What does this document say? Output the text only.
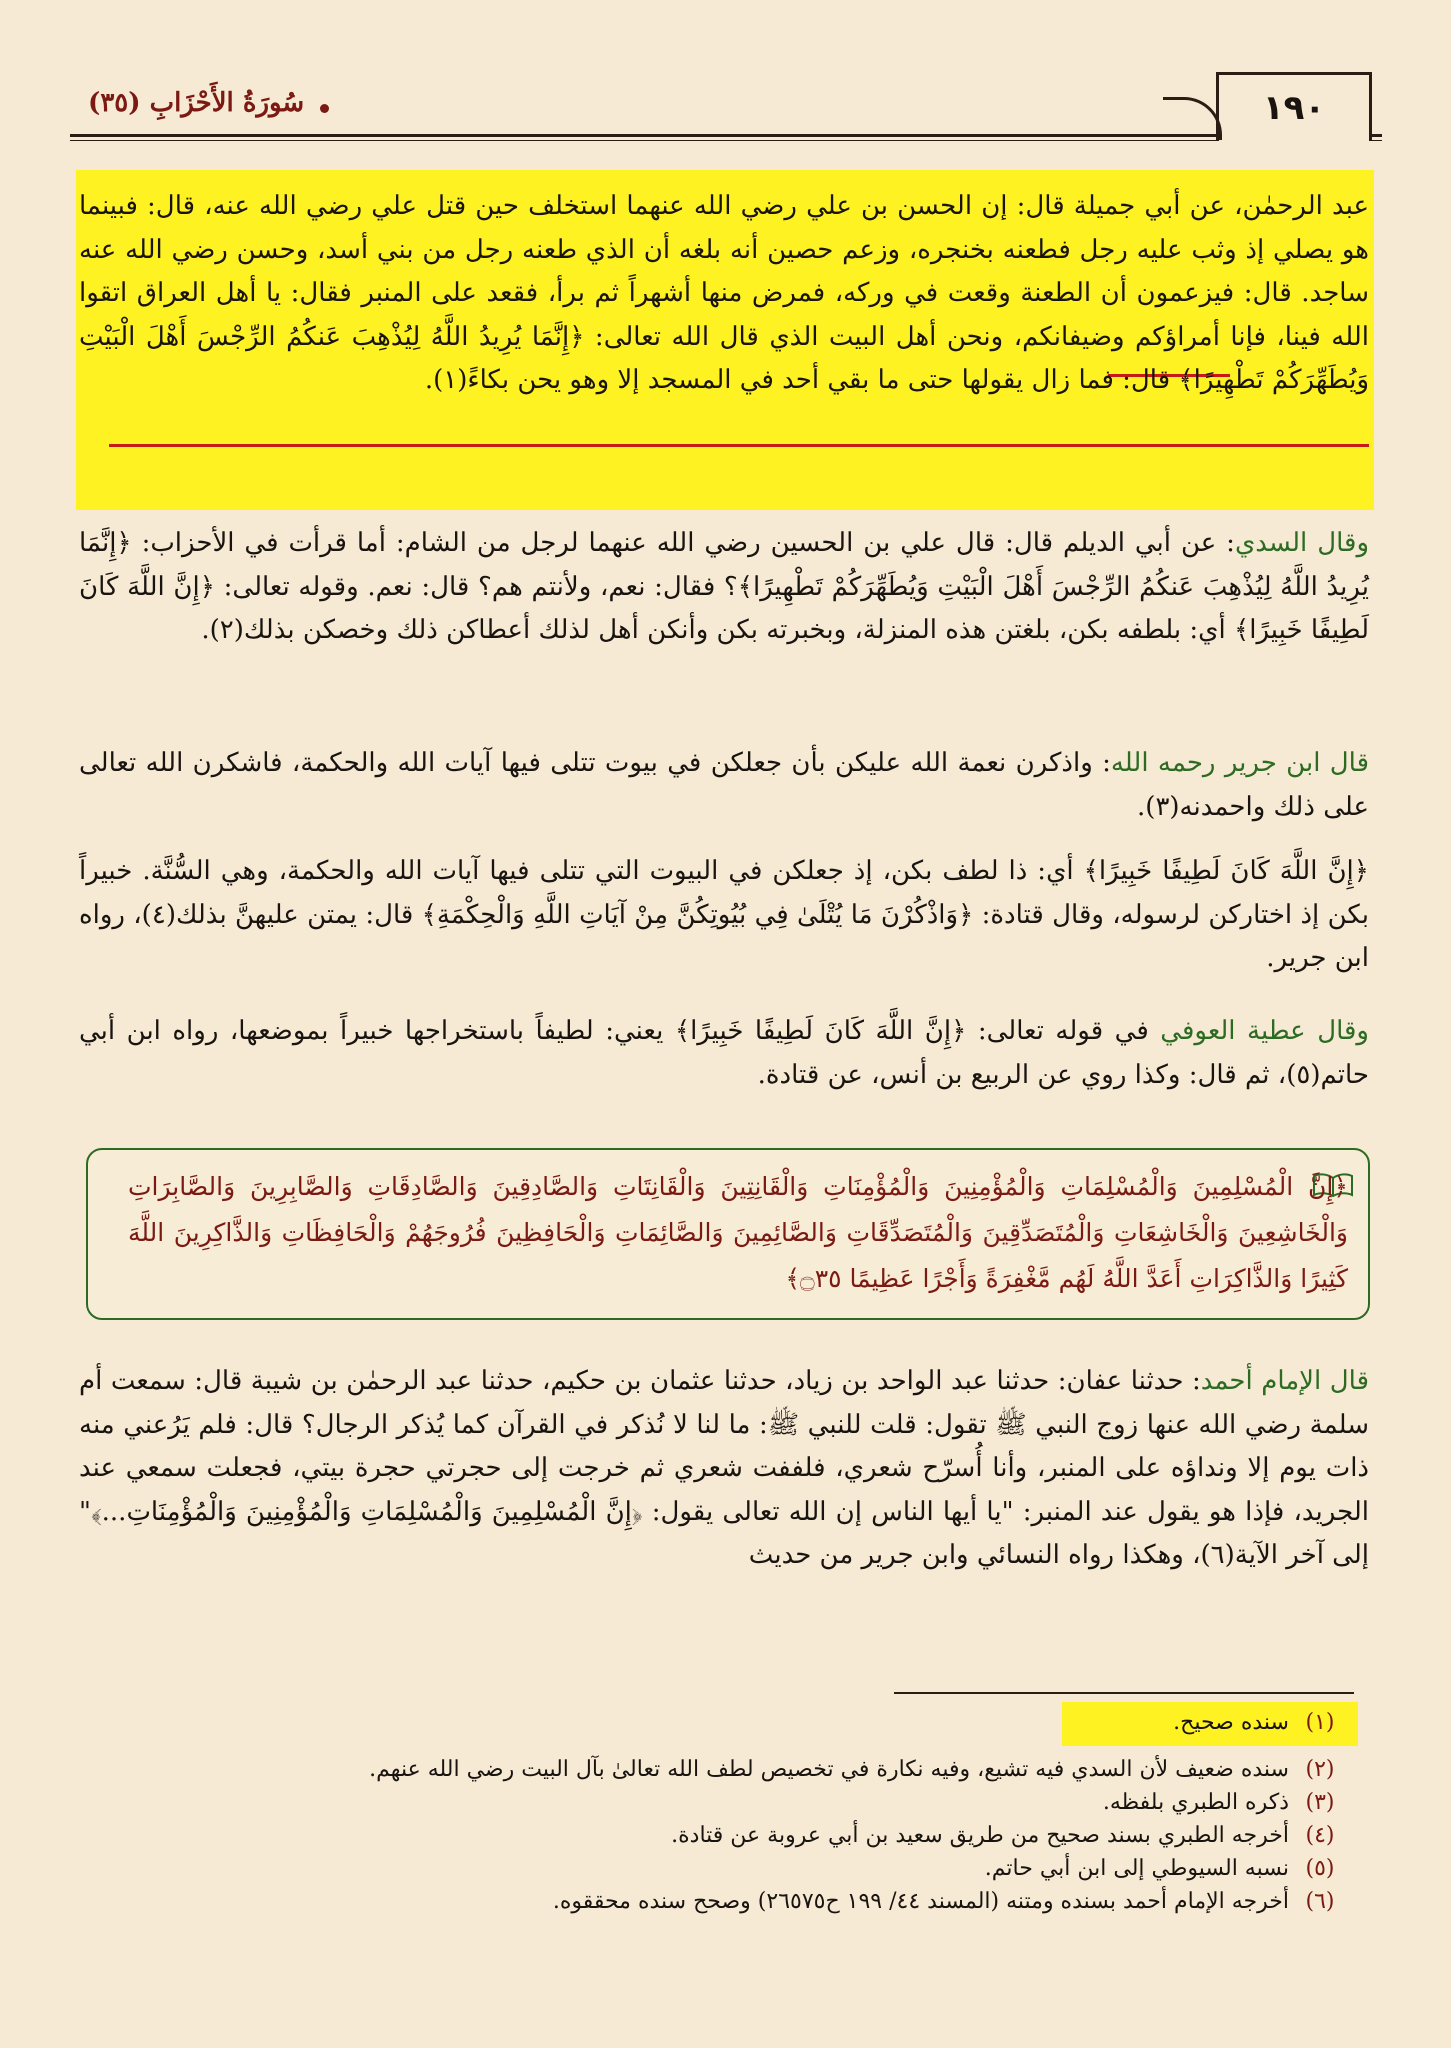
١٩٠
سُورَةُ الأَحْزَابِ (٣٥)
عبد الرحمٰن، عن أبي جميلة قال: إن الحسن بن علي رضي الله عنهما استخلف حين قتل علي رضي الله عنه، قال: فبينما هو يصلي إذ وثب عليه رجل فطعنه بخنجره، وزعم حصين أنه بلغه أن الذي طعنه رجل من بني أسد، وحسن رضي الله عنه ساجد. قال: فيزعمون أن الطعنة وقعت في وركه، فمرض منها أشهراً ثم برأ، فقعد على المنبر فقال: يا أهل العراق اتقوا الله فينا، فإنا أمراؤكم وضيفانكم، ونحن أهل البيت الذي قال الله تعالى: ﴿إِنَّمَا يُرِيدُ اللَّهُ لِيُذْهِبَ عَنكُمُ الرِّجْسَ أَهْلَ الْبَيْتِ وَيُطَهِّرَكُمْ تَطْهِيرًا﴾ قال: فما زال يقولها حتى ما بقي أحد في المسجد إلا وهو يحن بكاءً(١).
وقال السدي: عن أبي الديلم قال: قال علي بن الحسين رضي الله عنهما لرجل من الشام: أما قرأت في الأحزاب: ﴿إِنَّمَا يُرِيدُ اللَّهُ لِيُذْهِبَ عَنكُمُ الرِّجْسَ أَهْلَ الْبَيْتِ وَيُطَهِّرَكُمْ تَطْهِيرًا﴾؟ فقال: نعم، ولأنتم هم؟ قال: نعم. وقوله تعالى: ﴿إِنَّ اللَّهَ كَانَ لَطِيفًا خَبِيرًا﴾ أي: بلطفه بكن، بلغتن هذه المنزلة، وبخبرته بكن وأنكن أهل لذلك أعطاكن ذلك وخصكن بذلك(٢).
قال ابن جرير رحمه الله: واذكرن نعمة الله عليكن بأن جعلكن في بيوت تتلى فيها آيات الله والحكمة، فاشكرن الله تعالى على ذلك واحمدنه(٣).
﴿إِنَّ اللَّهَ كَانَ لَطِيفًا خَبِيرًا﴾ أي: ذا لطف بكن، إذ جعلكن في البيوت التي تتلى فيها آيات الله والحكمة، وهي السُّنَّة. خبيراً بكن إذ اختاركن لرسوله، وقال قتادة: ﴿وَاذْكُرْنَ مَا يُتْلَىٰ فِي بُيُوتِكُنَّ مِنْ آيَاتِ اللَّهِ وَالْحِكْمَةِ﴾ قال: يمتن عليهنَّ بذلك(٤)، رواه ابن جرير.
وقال عطية العوفي في قوله تعالى: ﴿إِنَّ اللَّهَ كَانَ لَطِيفًا خَبِيرًا﴾ يعني: لطيفاً باستخراجها خبيراً بموضعها، رواه ابن أبي حاتم(٥)، ثم قال: وكذا روي عن الربيع بن أنس، عن قتادة.
﴿إِنَّ الْمُسْلِمِينَ وَالْمُسْلِمَاتِ وَالْمُؤْمِنِينَ وَالْمُؤْمِنَاتِ وَالْقَانِتِينَ وَالْقَانِتَاتِ وَالصَّادِقِينَ وَالصَّادِقَاتِ وَالصَّابِرِينَ وَالصَّابِرَاتِ وَالْخَاشِعِينَ وَالْخَاشِعَاتِ وَالْمُتَصَدِّقِينَ وَالْمُتَصَدِّقَاتِ وَالصَّائِمِينَ وَالصَّائِمَاتِ وَالْحَافِظِينَ فُرُوجَهُمْ وَالْحَافِظَاتِ وَالذَّاكِرِينَ اللَّهَ كَثِيرًا وَالذَّاكِرَاتِ أَعَدَّ اللَّهُ لَهُم مَّغْفِرَةً وَأَجْرًا عَظِيمًا ۝٣٥﴾
قال الإمام أحمد: حدثنا عفان: حدثنا عبد الواحد بن زياد، حدثنا عثمان بن حكيم، حدثنا عبد الرحمٰن بن شيبة قال: سمعت أم سلمة رضي الله عنها زوج النبي ﷺ تقول: قلت للنبي ﷺ: ما لنا لا نُذكر في القرآن كما يُذكر الرجال؟ قال: فلم يَرُعني منه ذات يوم إلا ونداؤه على المنبر، وأنا أُسرّح شعري، فلففت شعري ثم خرجت إلى حجرتي حجرة بيتي، فجعلت سمعي عند الجريد، فإذا هو يقول عند المنبر: "يا أيها الناس إن الله تعالى يقول: ﴿إِنَّ الْمُسْلِمِينَ وَالْمُسْلِمَاتِ وَالْمُؤْمِنِينَ وَالْمُؤْمِنَاتِ...﴾" إلى آخر الآية(٦)، وهكذا رواه النسائي وابن جرير من حديث
(١)
سنده صحيح.
(٢)
سنده ضعيف لأن السدي فيه تشيع، وفيه نكارة في تخصيص لطف الله تعالىٰ بآل البيت رضي الله عنهم.
(٣)
ذكره الطبري بلفظه.
(٤)
أخرجه الطبري بسند صحيح من طريق سعيد بن أبي عروبة عن قتادة.
(٥)
نسبه السيوطي إلى ابن أبي حاتم.
(٦)
أخرجه الإمام أحمد بسنده ومتنه (المسند ٤٤/ ١٩٩ ح٢٦٥٧٥) وصحح سنده محققوه.
